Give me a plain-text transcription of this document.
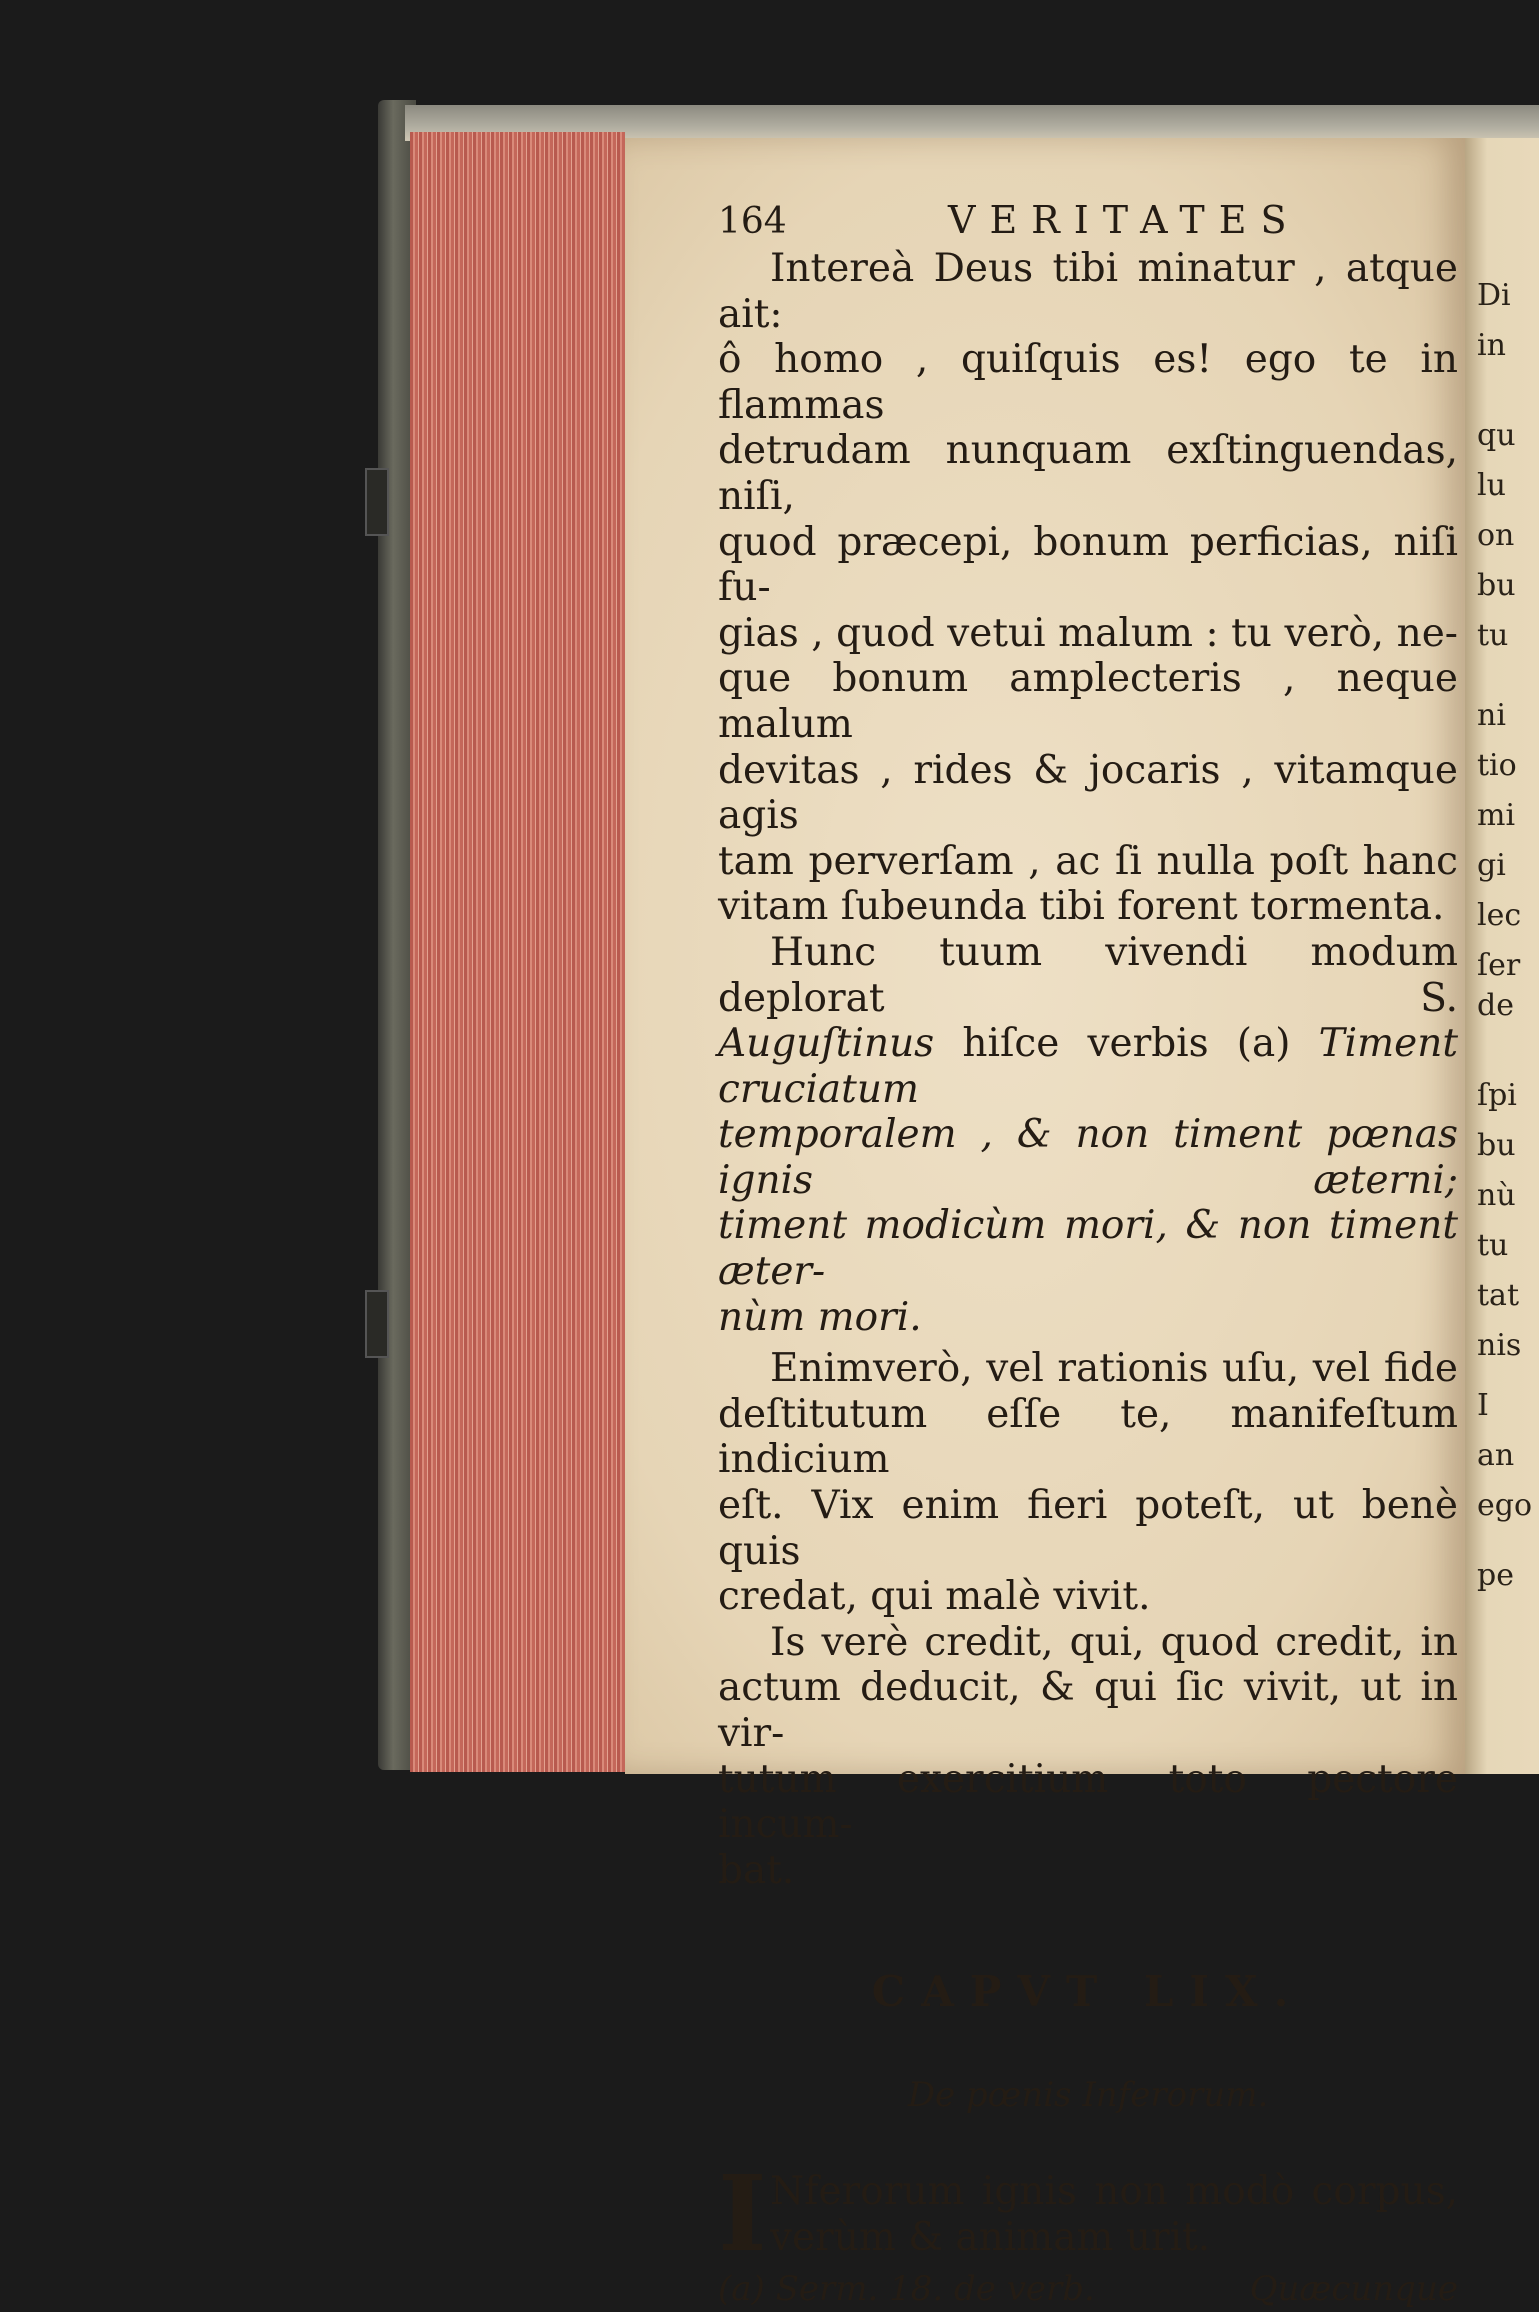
Di
in
qu
lu
on
bu
tu
ni
tio
mi
gi
lec
ſer
de
ſpi
bu
nù
tu
tat
nis
I
an
ego
pe
164	VERITATES

Intereà Deus tibi minatur , atque ait:

ô homo , quiſquis es! ego te in flammas

detrudam nunquam exſtinguendas, niſi,

quod præcepi, bonum perficias, niſi fu-

gias , quod vetui malum : tu verò, ne-

que bonum amplecteris , neque malum

devitas , rides & jocaris , vitamque agis

tam perverſam , ac ſi nulla poſt hanc

vitam ſubeunda tibi forent tormenta.

Hunc tuum vivendi modum deplorat S.

Auguſtinus hiſce verbis (a) Timent cruciatum

temporalem , & non timent pœnas ignis æterni;

timent modicùm mori, & non timent æter-

nùm mori.

Enimverò, vel rationis uſu, vel fide

deſtitutum eſſe te, manifeſtum indicium

eſt. Vix enim fieri poteſt, ut benè quis

credat, qui malè vivit.

Is verè credit, qui, quod credit, in

actum deducit, & qui ſic vivit, ut in vir-

tutum exercitium toto pectore incum-

bat.

CAPVT LIX.
De pœnis Inferorum.
I Nferorum ignis non modò corpus,

verùm & animam urit.

(a) Serm. 18. de verb.	Quæcunque
